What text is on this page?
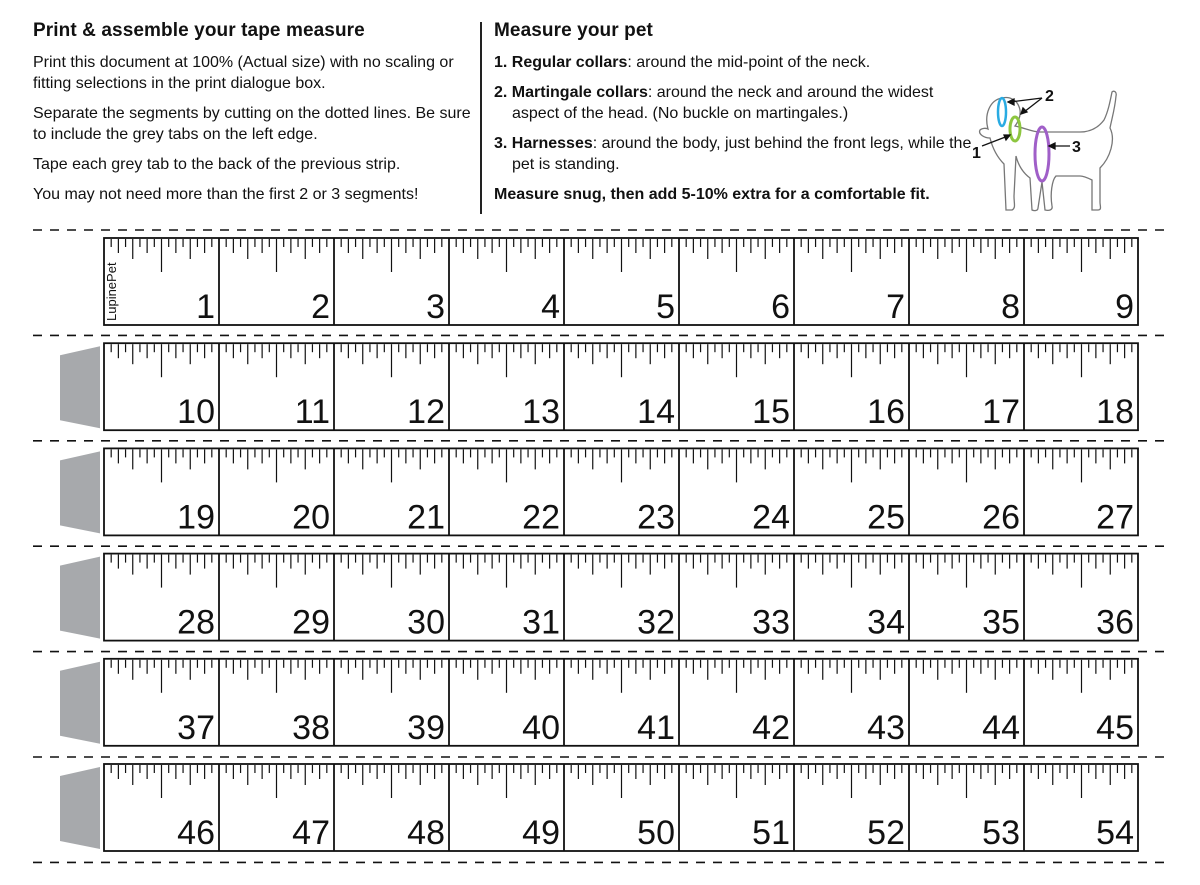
Print & assemble your tape measure

Print this document at 100% (Actual size) with no scaling or fitting selections in the print dialogue box.

Separate the segments by cutting on the dotted lines. Be sure to include the grey tabs on the left edge.

Tape each grey tab to the back of the previous strip.

You may not need more than the first 2 or 3 segments!

Measure your pet
1. Regular collars: around the mid-point of the neck.
2. Martingale collars: around the neck and around the widest aspect of the head. (No buckle on martingales.)
3. Harnesses: around the body, just behind the front legs, while the pet is standing.
Measure snug, then add 5-10% extra for a comfortable fit.
2
1	3
1	2	3	4	5	6	7	8	9
LupinePet
10 11 12 13 14 15 16 17 18
19 20 21 22 23 24 25 26 27
28 29 30 31 32 33 34 35 36
37 38 39 40 41 42 43 44 45
46 47 48 49 50 51 52 53 54
